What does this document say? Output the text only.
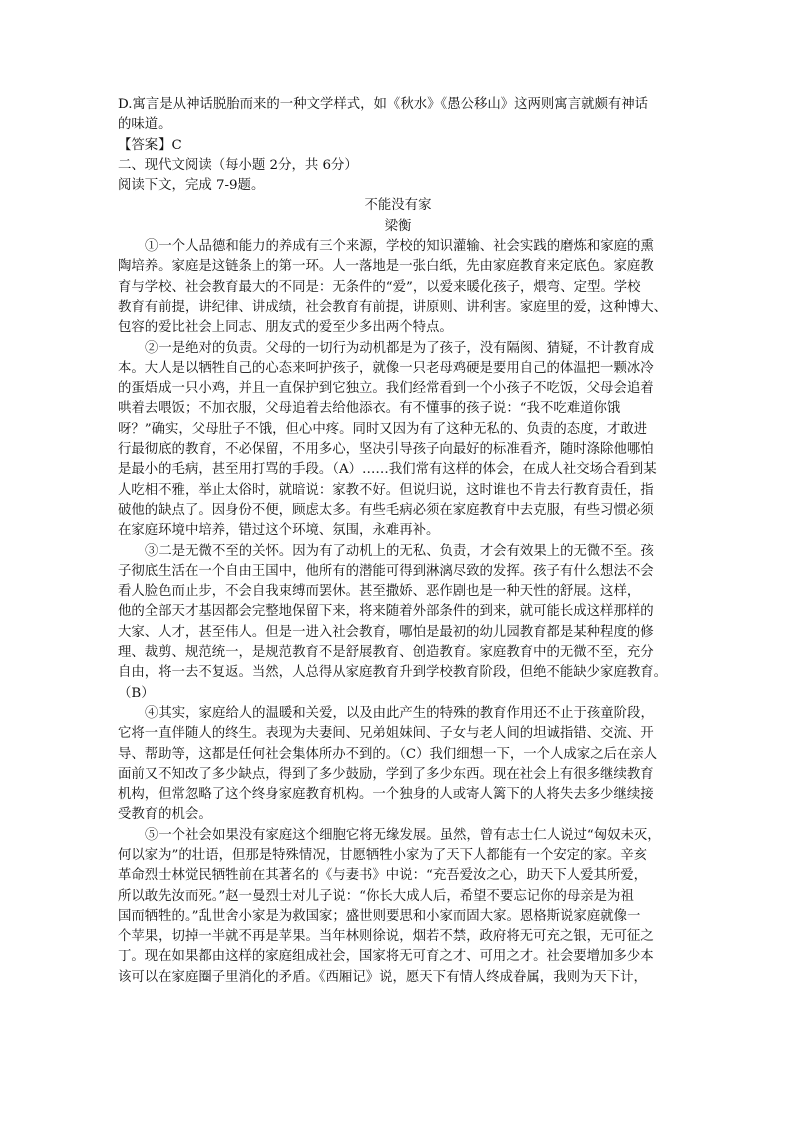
D.寓言是从神话脱胎而来的一种文学样式，如《秋水》《愚公移山》这两则寓言就颇有神话
的味道。
【答案】C
二、现代文阅读（每小题 2分，共 6分）
阅读下文，完成 7-9题。
不能没有家
梁衡
①一个人品德和能力的养成有三个来源，学校的知识灌输、社会实践的磨炼和家庭的熏
陶培养。家庭是这链条上的第一环。人一落地是一张白纸，先由家庭教育来定底色。家庭教
育与学校、社会教育最大的不同是：无条件的“爱”，以爱来暖化孩子，煨弯、定型。学校
教育有前提，讲纪律、讲成绩，社会教育有前提，讲原则、讲利害。家庭里的爱，这种博大、
包容的爱比社会上同志、朋友式的爱至少多出两个特点。
②一是绝对的负责。父母的一切行为动机都是为了孩子，没有隔阂、猜疑，不计教育成
本。大人是以牺牲自己的心态来呵护孩子，就像一只老母鸡硬是要用自己的体温把一颗冰冷
的蛋焐成一只小鸡，并且一直保护到它独立。我们经常看到一个小孩子不吃饭，父母会追着
哄着去喂饭；不加衣服，父母追着去给他添衣。有不懂事的孩子说：“我不吃难道你饿
呀？”确实，父母肚子不饿，但心中疼。同时又因为有了这种无私的、负责的态度，才敢进
行最彻底的教育，不必保留，不用多心，坚决引导孩子向最好的标准看齐，随时涤除他哪怕
是最小的毛病，甚至用打骂的手段。（A）……我们常有这样的体会，在成人社交场合看到某
人吃相不雅，举止太俗时，就暗说：家教不好。但说归说，这时谁也不肯去行教育责任，指
破他的缺点了。因身份不便，顾虑太多。有些毛病必须在家庭教育中去克服，有些习惯必须
在家庭环境中培养，错过这个环境、氛围，永难再补。
③二是无微不至的关怀。因为有了动机上的无私、负责，才会有效果上的无微不至。孩
子彻底生活在一个自由王国中，他所有的潜能可得到淋漓尽致的发挥。孩子有什么想法不会
看人脸色而止步，不会自我束缚而罢休。甚至撒娇、恶作剧也是一种天性的舒展。这样，
他的全部天才基因都会完整地保留下来，将来随着外部条件的到来，就可能长成这样那样的
大家、人才，甚至伟人。但是一进入社会教育，哪怕是最初的幼儿园教育都是某种程度的修
理、裁剪、规范统一，是规范教育不是舒展教育、创造教育。家庭教育中的无微不至，充分
自由，将一去不复返。当然，人总得从家庭教育升到学校教育阶段，但绝不能缺少家庭教育。
（B）
④其实，家庭给人的温暖和关爱，以及由此产生的特殊的教育作用还不止于孩童阶段，
它将一直伴随人的终生。表现为夫妻间、兄弟姐妹间、子女与老人间的坦诚指错、交流、开
导、帮助等，这都是任何社会集体所办不到的。（C）我们细想一下，一个人成家之后在亲人
面前又不知改了多少缺点，得到了多少鼓励，学到了多少东西。现在社会上有很多继续教育
机构，但常忽略了这个终身家庭教育机构。一个独身的人或寄人篱下的人将失去多少继续接
受教育的机会。
⑤一个社会如果没有家庭这个细胞它将无缘发展。虽然，曾有志士仁人说过“匈奴未灭，
何以家为”的壮语，但那是特殊情况，甘愿牺牲小家为了天下人都能有一个安定的家。辛亥
革命烈士林觉民牺牲前在其著名的《与妻书》中说：“充吾爱汝之心，助天下人爱其所爱，
所以敢先汝而死。”赵一曼烈士对儿子说：“你长大成人后，希望不要忘记你的母亲是为祖
国而牺牲的。”乱世舍小家是为救国家；盛世则要思和小家而固大家。恩格斯说家庭就像一
个苹果，切掉一半就不再是苹果。当年林则徐说，烟若不禁，政府将无可充之银，无可征之
丁。现在如果都由这样的家庭组成社会，国家将无可育之才、可用之才。社会要增加多少本
该可以在家庭圈子里消化的矛盾。《西厢记》说，愿天下有情人终成眷属，我则为天下计，
